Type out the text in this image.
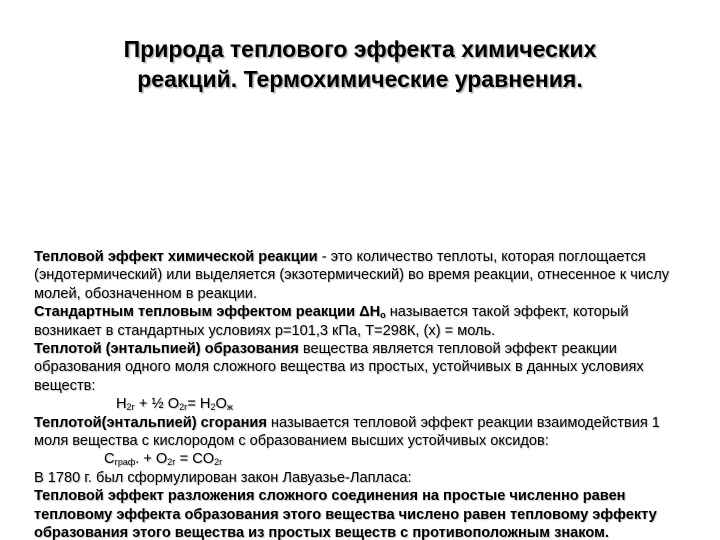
Природа теплового эффекта химических
реакций. Термохимические уравнения.

Тепловой эффект химической реакции - это количество теплоты, которая поглощается (эндотермический) или выделяется (экзотермический) во время реакции, отнесенное к числу молей, обозначенном в реакции.

Стандартным тепловым эффектом реакции $\Delta Н_о$ называется такой эффект, который возникает в стандартных условиях р=101,3 кПа, Т=298К, (х) = моль.

Теплотой (энтальпией) образования вещества является тепловой эффект реакции образования одного моля сложного вещества из простых, устойчивых в данных условиях веществ:

$H_{2г}$ + ½ $O_{2г}= H_2O_ж$

Теплотой(энтальпией) сгорания называется тепловой эффект реакции взаимодействия 1 моля вещества с кислородом с образованием высших устойчивых оксидов:

$C_{граф}$. + $O_{2г} = CO_{2г}$

В 1780 г. был сформулирован закон Лавуазье-Лапласа:

Тепловой эффект разложения сложного соединения на простые численно равен тепловому эффекта образования этого вещества числено равен тепловому эффекту образования этого вещества из простых веществ с противоположным знаком.
